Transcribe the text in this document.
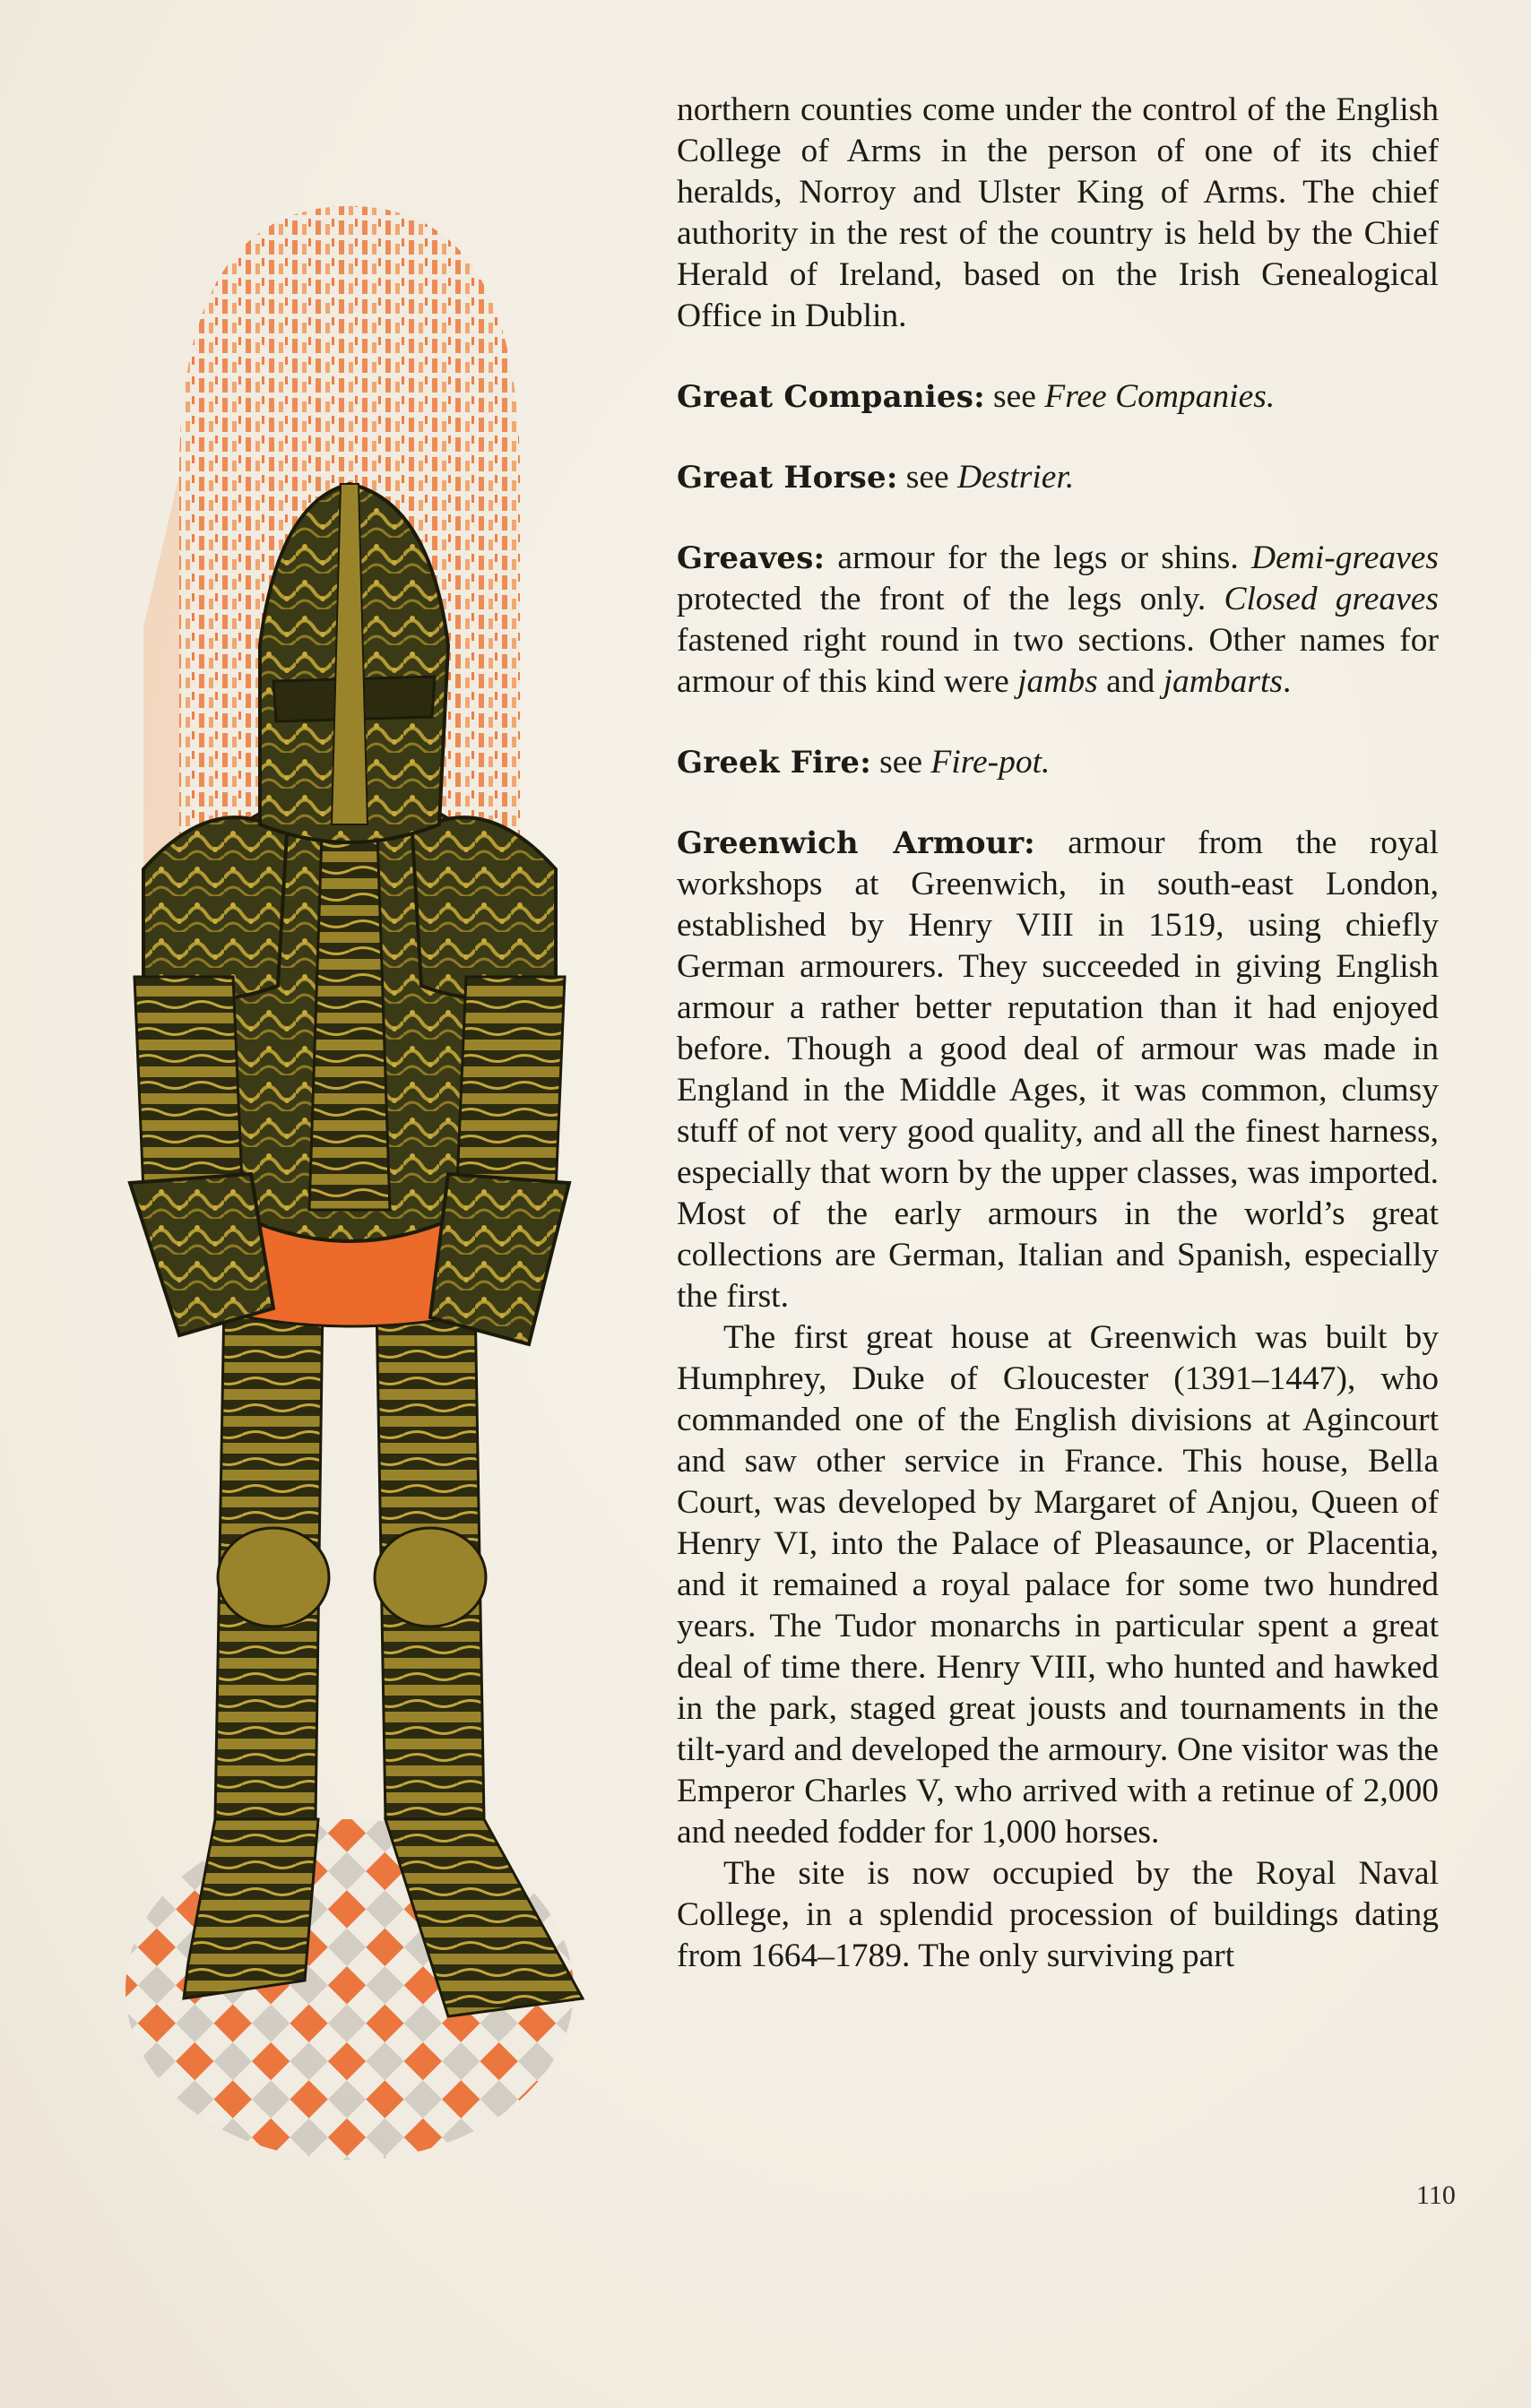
northern counties come under the control of the English College of Arms in the person of one of its chief heralds, Norroy and Ulster King of Arms. The chief authority in the rest of the country is held by the Chief Herald of Ireland, based on the Irish Genealogical Office in Dublin.

Great Companies: see Free Companies.

Great Horse: see Destrier.

Greaves: armour for the legs or shins. Demi-greaves protected the front of the legs only. Closed greaves fastened right round in two sections. Other names for armour of this kind were jambs and jambarts.

Greek Fire: see Fire-pot.

Greenwich Armour: armour from the royal workshops at Greenwich, in south-east London, established by Henry VIII in 1519, using chiefly German armourers. They succeeded in giving English armour a rather better reputation than it had enjoyed before. Though a good deal of armour was made in England in the Middle Ages, it was common, clumsy stuff of not very good quality, and all the finest harness, especially that worn by the upper classes, was imported. Most of the early armours in the world’s great collections are German, Italian and Spanish, especially the first.

The first great house at Greenwich was built by Humphrey, Duke of Gloucester (1391–1447), who commanded one of the English divisions at Agincourt and saw other service in France. This house, Bella Court, was developed by Margaret of Anjou, Queen of Henry VI, into the Palace of Pleasaunce, or Placentia, and it remained a royal palace for some two hundred years. The Tudor monarchs in particular spent a great deal of time there. Henry VIII, who hunted and hawked in the park, staged great jousts and tournaments in the tilt-yard and developed the armoury. One visitor was the Emperor Charles V, who arrived with a retinue of 2,000 and needed fodder for 1,000 horses.

The site is now occupied by the Royal Naval College, in a splendid procession of buildings dating from 1664–1789. The only surviving part

110
